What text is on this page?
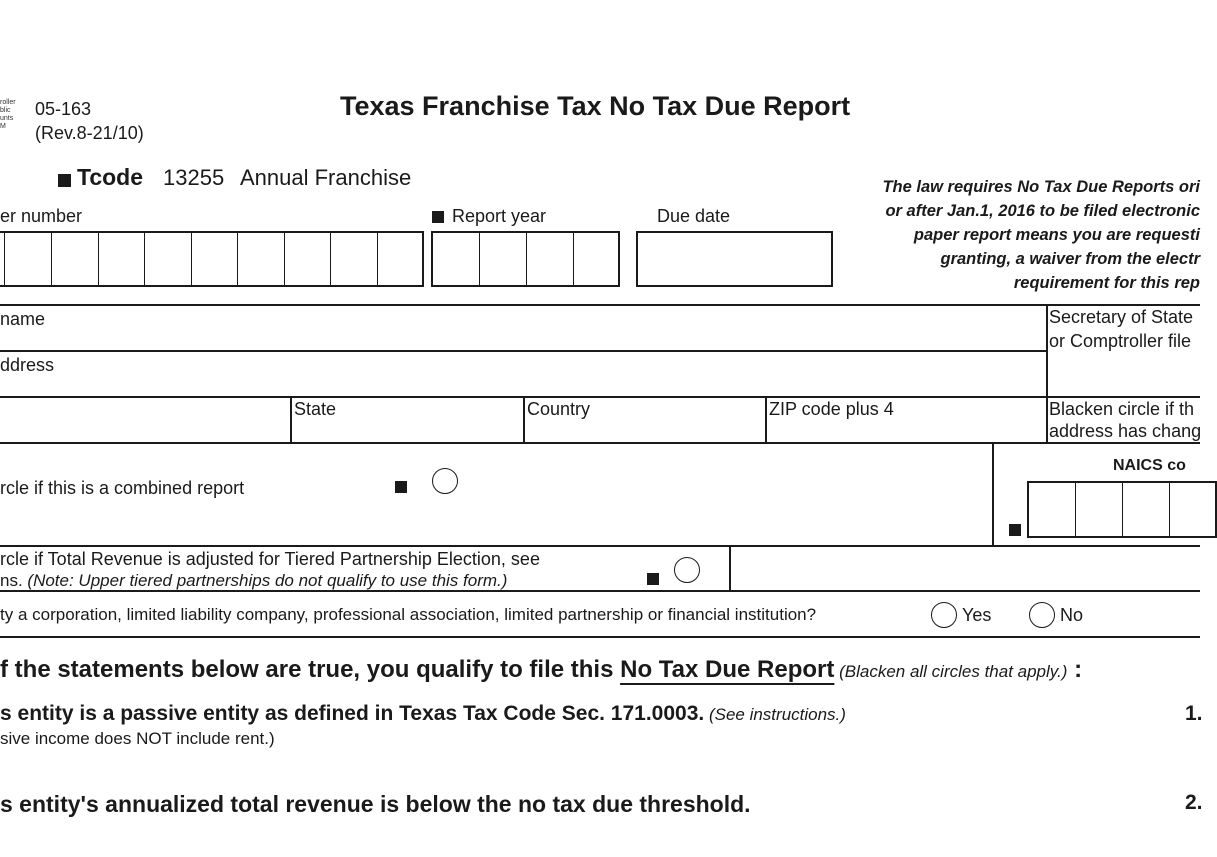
roller
blic
unts
M
05-163
(Rev.8-21/10)
Texas Franchise Tax No Tax Due Report
Tcode 13255 Annual Franchise	The law requires No Tax Due Reports ori
or after Jan.1, 2016 to be filed electronic
paper report means you are requesti
granting, a waiver from the electr
requirement for this rep
er number	Report year	Due date
name
ddress
Secretary of State
or Comptroller file
State	Country	ZIP code plus 4	Blacken circle if th
address has chang
rcle if this is a combined report
NAICS co
rcle if Total Revenue is adjusted for Tiered Partnership Election, see
ns. (Note: Upper tiered partnerships do not qualify to use this form.)
ty a corporation, limited liability company, professional association, limited partnership or financial institution?	Yes	No
f the statements below are true, you qualify to file this No Tax Due Report (Blacken all circles that apply.) :
s entity is a passive entity as defined in Texas Tax Code Sec. 171.0003. (See instructions.)
sive income does NOT include rent.)
1.
s entity's annualized total revenue is below the no tax due threshold.	2.
